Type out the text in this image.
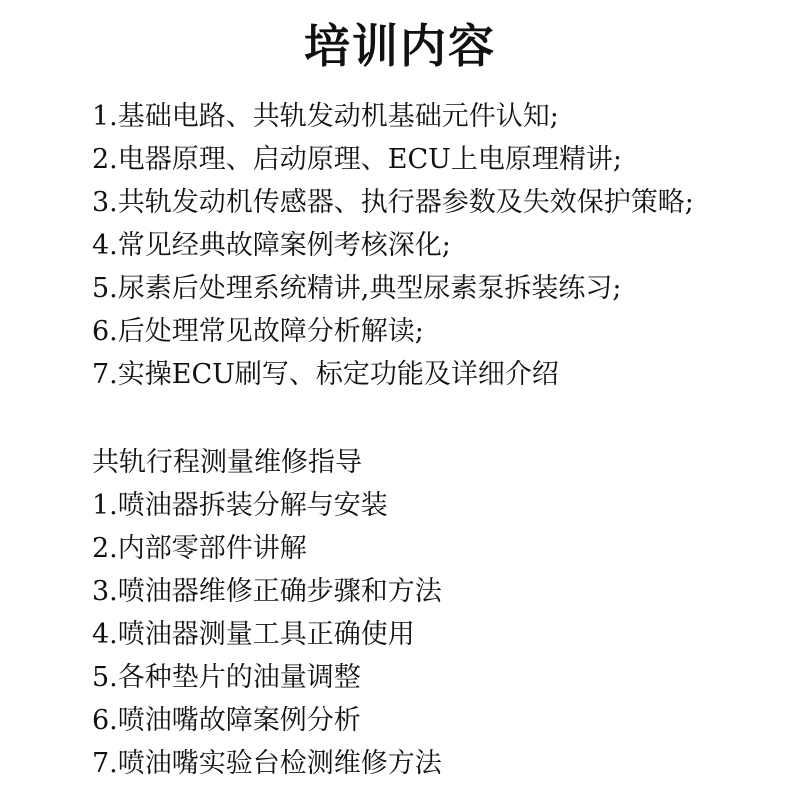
培训内容
1.基础电路、共轨发动机基础元件认知;
2.电器原理、启动原理、ECU上电原理精讲;
3.共轨发动机传感器、执行器参数及失效保护策略;
4.常见经典故障案例考核深化;
5.尿素后处理系统精讲,典型尿素泵拆装练习;
6.后处理常见故障分析解读;
7.实操ECU刷写、标定功能及详细介绍
共轨行程测量维修指导
1.喷油器拆装分解与安装
2.内部零部件讲解
3.喷油器维修正确步骤和方法
4.喷油器测量工具正确使用
5.各种垫片的油量调整
6.喷油嘴故障案例分析
7.喷油嘴实验台检测维修方法
